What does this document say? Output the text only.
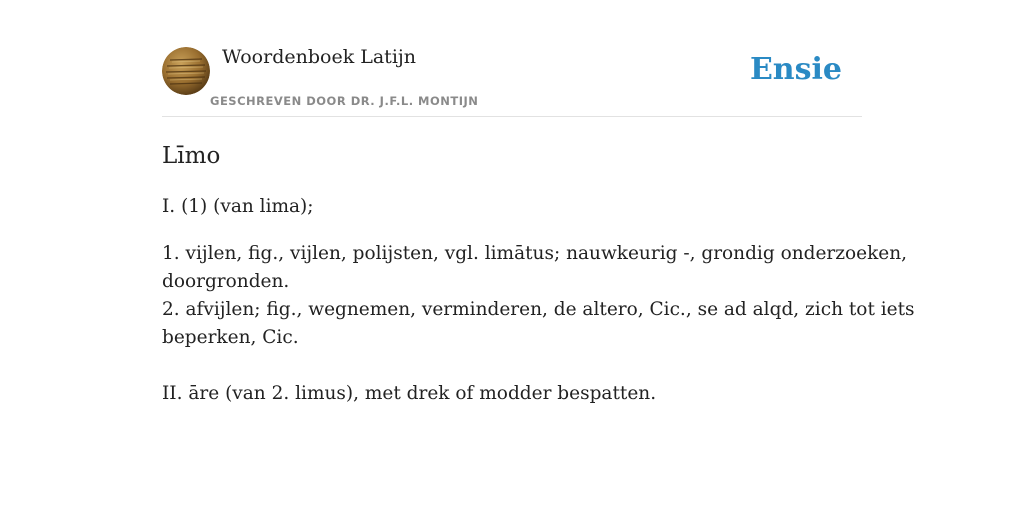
Woordenboek Latijn
GESCHREVEN DOOR DR. J.F.L. MONTIJN
Ensie
Līmo

I. (1) (van lima);

1. vijlen, fig., vijlen, polijsten, vgl. limātus; nauwkeurig -, grondig onderzoeken,
doorgronden.
2. afvijlen; fig., wegnemen, verminderen, de altero, Cic., se ad alqd, zich tot iets
beperken, Cic.

II. āre (van 2. limus), met drek of modder bespatten.
